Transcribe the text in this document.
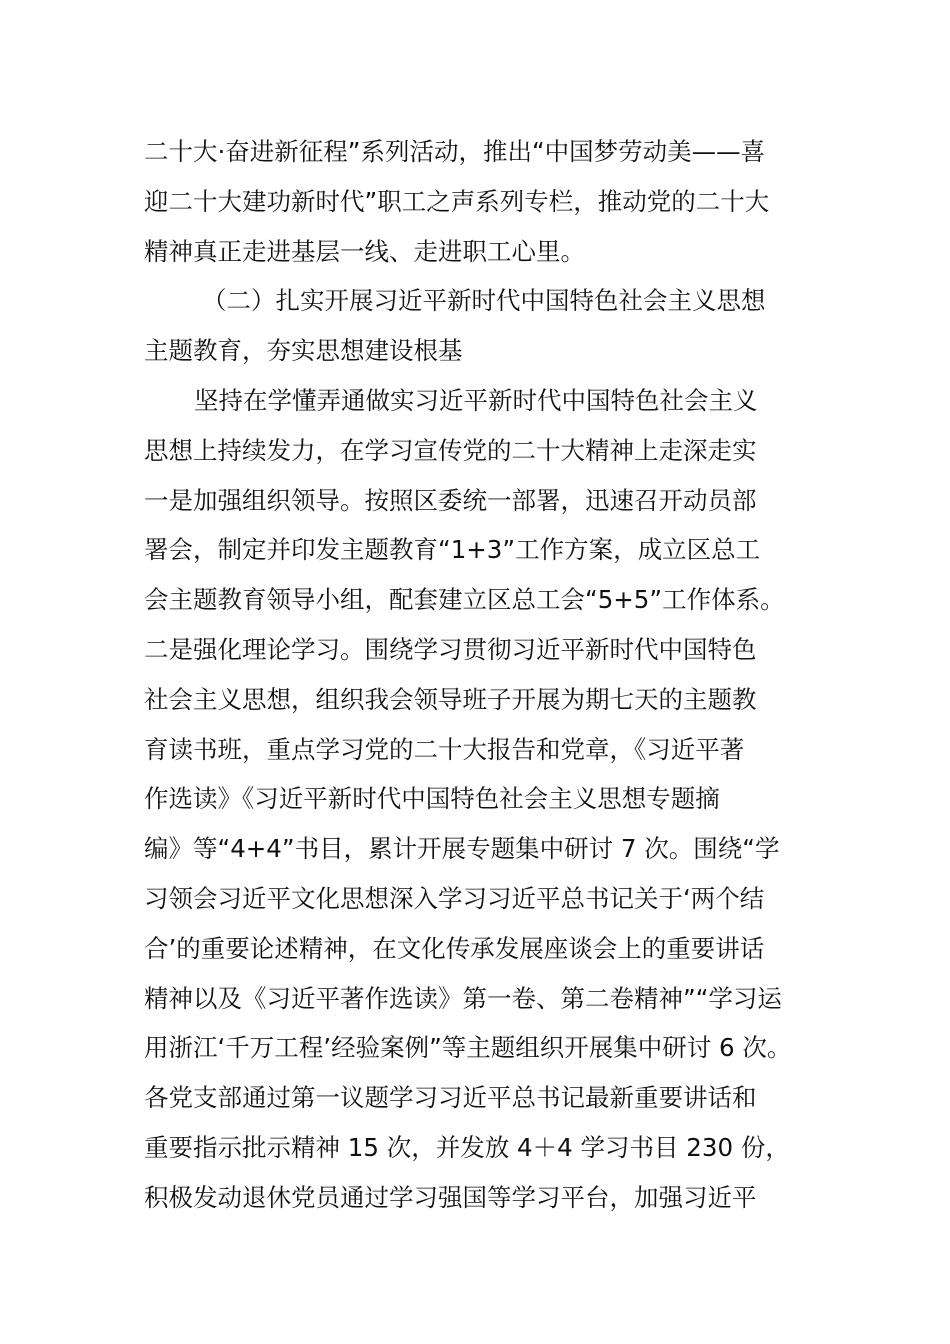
二十大·奋进新征程”系列活动，推出“中国梦劳动美——喜
迎二十大建功新时代”职工之声系列专栏，推动党的二十大
精神真正走进基层一线、走进职工心里。
（二）扎实开展习近平新时代中国特色社会主义思想
主题教育，夯实思想建设根基
坚持在学懂弄通做实习近平新时代中国特色社会主义
思想上持续发力，在学习宣传党的二十大精神上走深走实
一是加强组织领导。按照区委统一部署，迅速召开动员部
署会，制定并印发主题教育“1+3”工作方案，成立区总工
会主题教育领导小组，配套建立区总工会“5+5”工作体系。
二是强化理论学习。围绕学习贯彻习近平新时代中国特色
社会主义思想，组织我会领导班子开展为期七天的主题教
育读书班，重点学习党的二十大报告和党章，《习近平著
作选读》《习近平新时代中国特色社会主义思想专题摘
编》等“4+4”书目，累计开展专题集中研讨 7 次。围绕“学
习领会习近平文化思想深入学习习近平总书记关于‘两个结
合’的重要论述精神，在文化传承发展座谈会上的重要讲话
精神以及《习近平著作选读》第一卷、第二卷精神”“学习运
用浙江‘千万工程’经验案例”等主题组织开展集中研讨 6 次。
各党支部通过第一议题学习习近平总书记最新重要讲话和
重要指示批示精神 15 次，并发放 4＋4 学习书目 230 份，
积极发动退休党员通过学习强国等学习平台，加强习近平
